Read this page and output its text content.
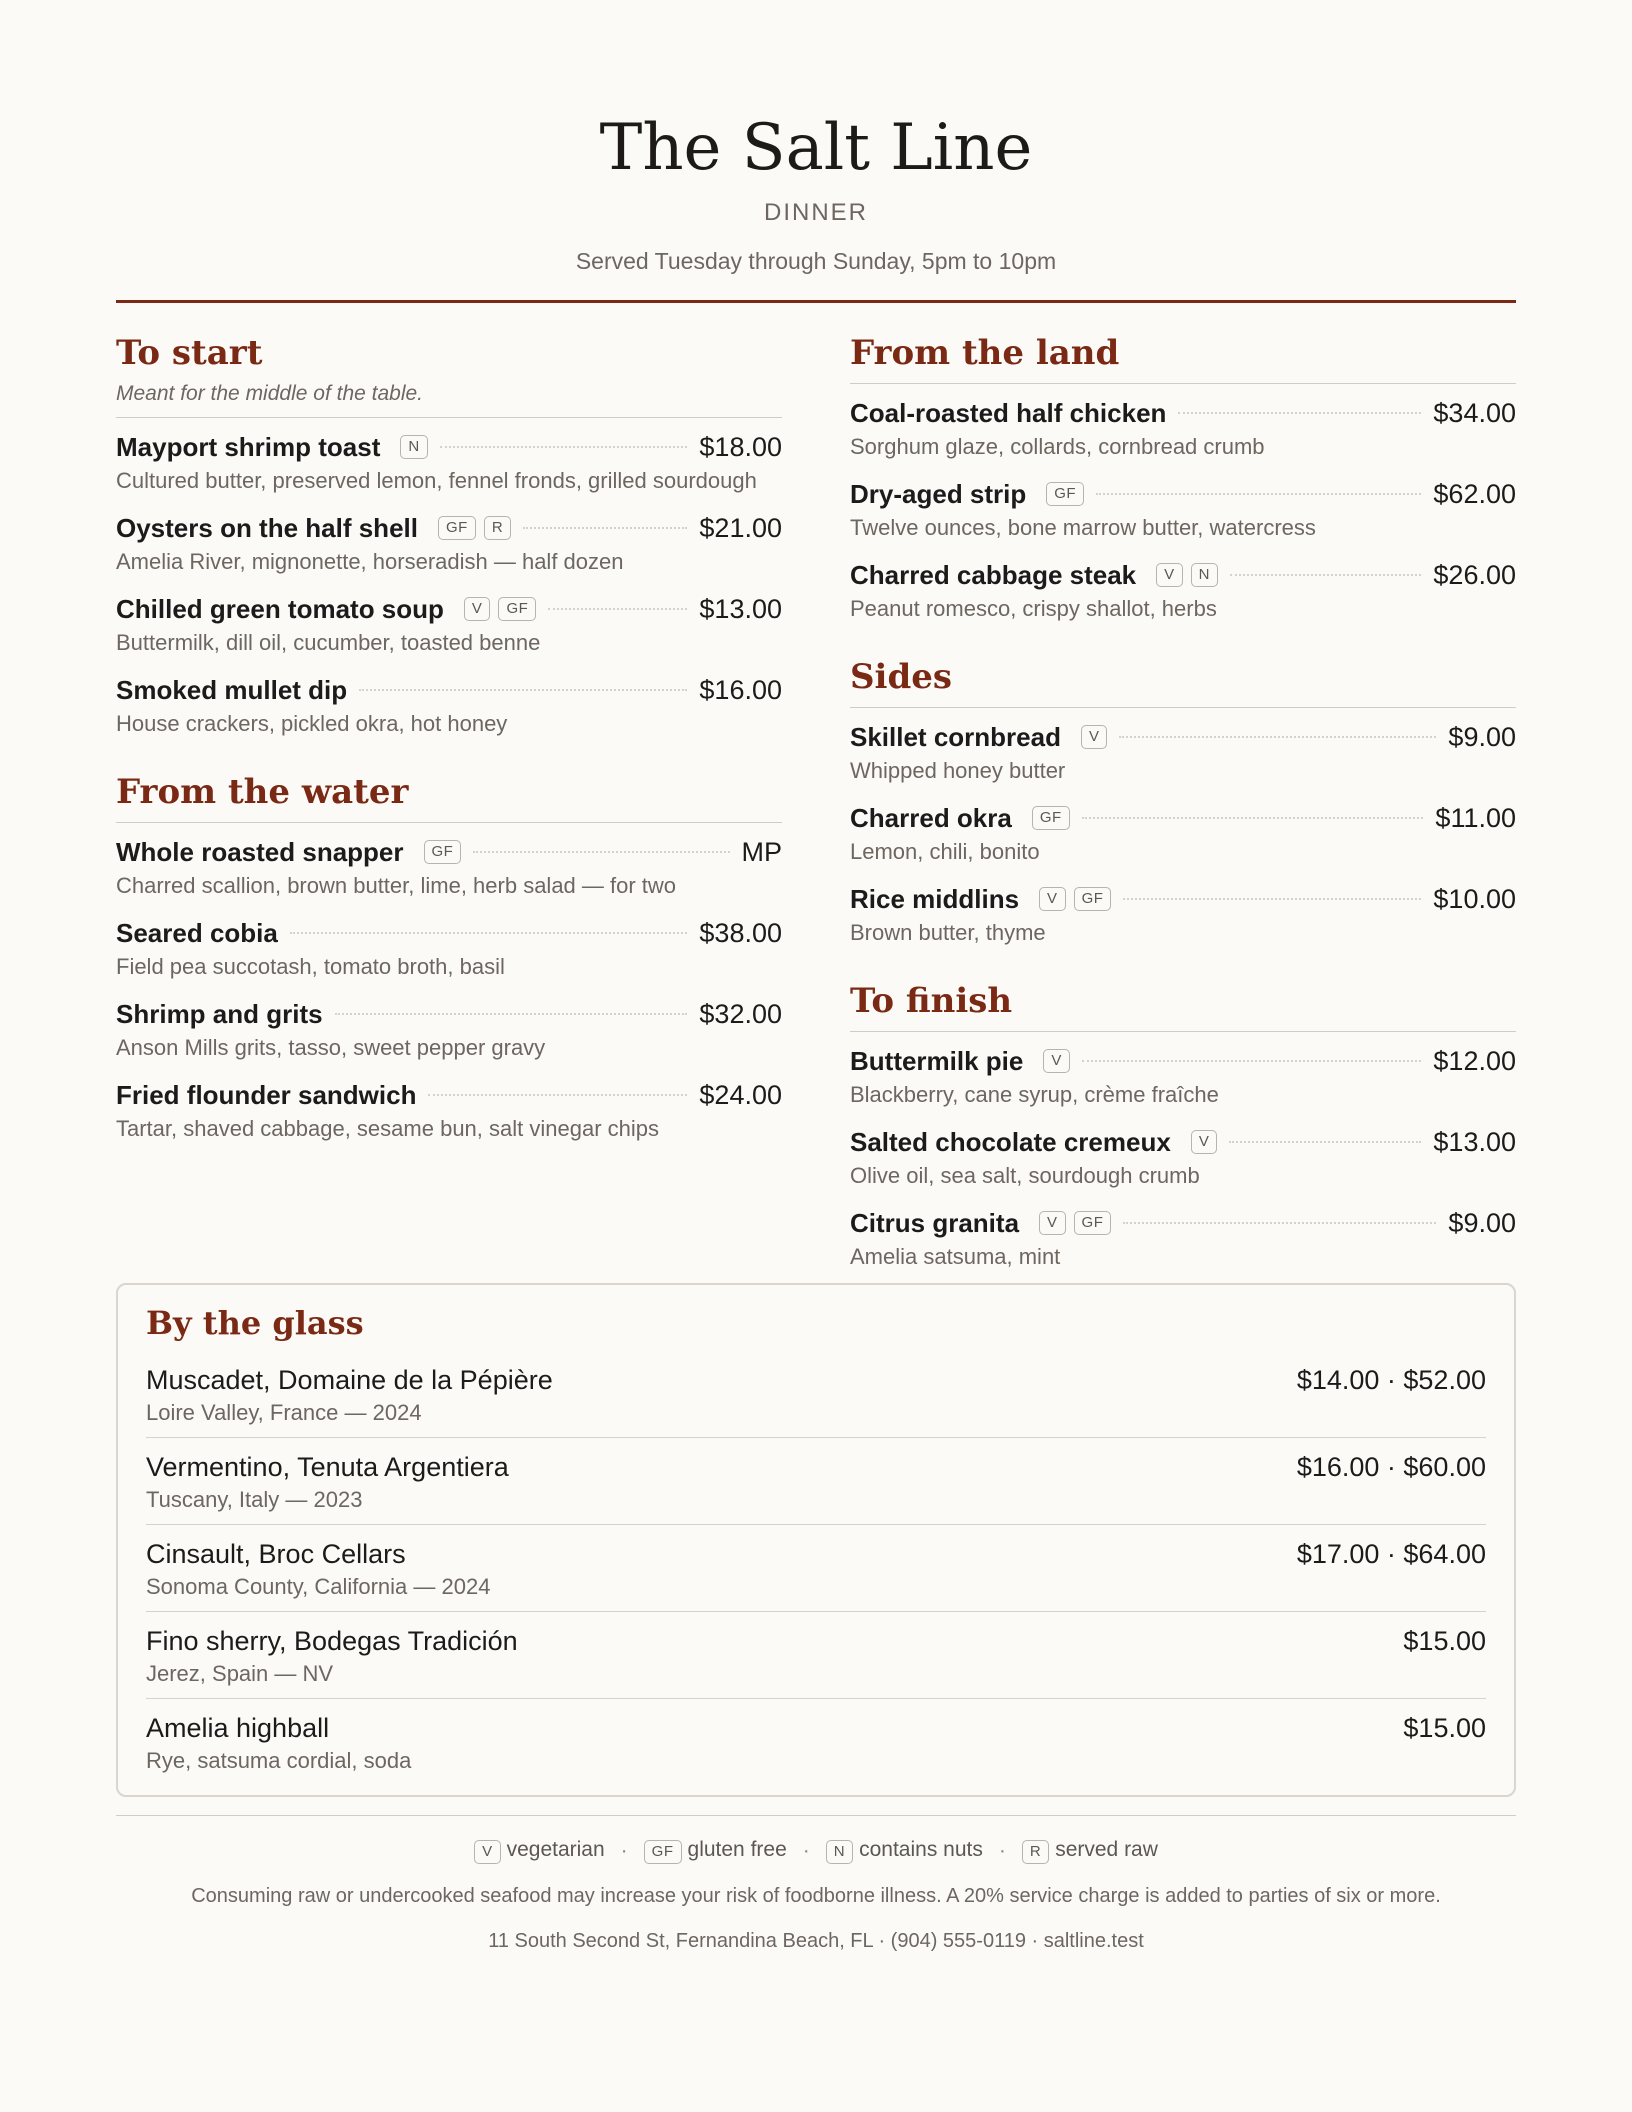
The Salt Line
DINNER
Served Tuesday through Sunday, 5pm to 10pm
To start
Meant for the middle of the table.
Mayport shrimp toast	N	$18.00
Cultured butter, preserved lemon, fennel fronds, grilled sourdough
Oysters on the half shell	GF	R	$21.00
Amelia River, mignonette, horseradish — half dozen
Chilled green tomato soup	V	GF	$13.00
Buttermilk, dill oil, cucumber, toasted benne
Smoked mullet dip	$16.00
House crackers, pickled okra, hot honey
From the water
Whole roasted snapper	GF	MP
Charred scallion, brown butter, lime, herb salad — for two
Seared cobia	$38.00
Field pea succotash, tomato broth, basil
Shrimp and grits	$32.00
Anson Mills grits, tasso, sweet pepper gravy
Fried flounder sandwich	$24.00
Tartar, shaved cabbage, sesame bun, salt vinegar chips
From the land
Coal-roasted half chicken	$34.00
Sorghum glaze, collards, cornbread crumb
Dry-aged strip	GF	$62.00
Twelve ounces, bone marrow butter, watercress
Charred cabbage steak	V	N	$26.00
Peanut romesco, crispy shallot, herbs
Sides
Skillet cornbread	V	$9.00
Whipped honey butter
Charred okra	GF	$11.00
Lemon, chili, bonito
Rice middlins	V	GF	$10.00
Brown butter, thyme
To finish
Buttermilk pie	V	$12.00
Blackberry, cane syrup, crème fraîche
Salted chocolate cremeux	V	$13.00
Olive oil, sea salt, sourdough crumb
Citrus granita	V	GF	$9.00
Amelia satsuma, mint
By the glass
Muscadet, Domaine de la Pépière
Loire Valley, France — 2024
$14.00 · $52.00
Vermentino, Tenuta Argentiera
Tuscany, Italy — 2023
$16.00 · $60.00
Cinsault, Broc Cellars
Sonoma County, California — 2024
$17.00 · $64.00
Fino sherry, Bodegas Tradición
Jerez, Spain — NV
$15.00
Amelia highball
Rye, satsuma cordial, soda
$15.00
V vegetarian ·	GF gluten free ·	N contains nuts ·	R served raw
Consuming raw or undercooked seafood may increase your risk of foodborne illness. A 20% service charge is added to parties of six or more.
11 South Second St, Fernandina Beach, FL · (904) 555-0119 · saltline.test
